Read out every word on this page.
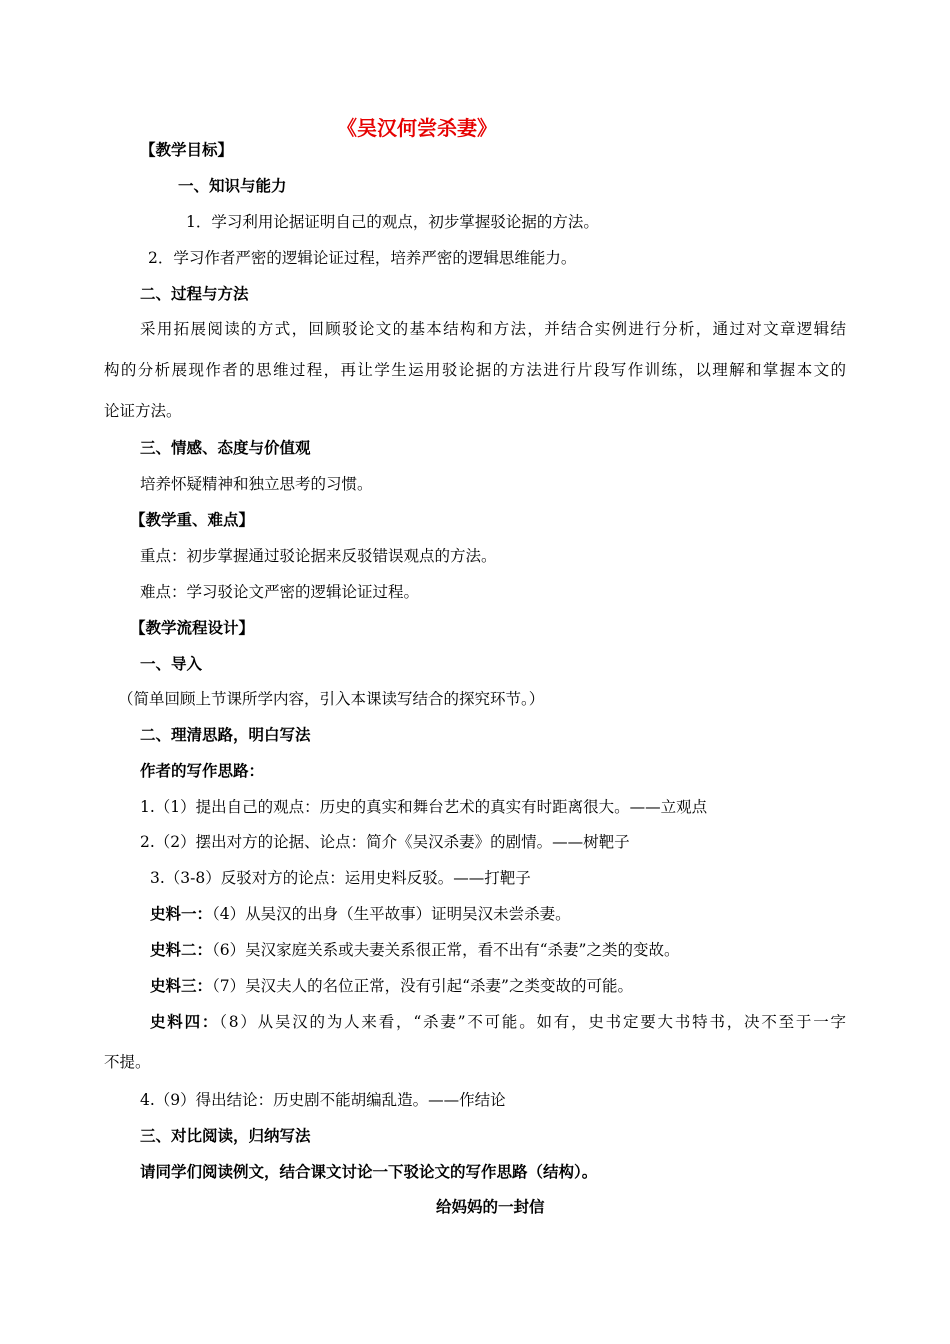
《吴汉何尝杀妻》
【教学目标】
一、知识与能力
1．学习利用论据证明自己的观点，初步掌握驳论据的方法。
2．学习作者严密的逻辑论证过程，培养严密的逻辑思维能力。
二、过程与方法
采用拓展阅读的方式，回顾驳论文的基本结构和方法，并结合实例进行分析，通过对文章逻辑结
构的分析展现作者的思维过程，再让学生运用驳论据的方法进行片段写作训练，以理解和掌握本文的
论证方法。
三、情感、态度与价值观
培养怀疑精神和独立思考的习惯。
【教学重、难点】
重点：初步掌握通过驳论据来反驳错误观点的方法。
难点：学习驳论文严密的逻辑论证过程。
【教学流程设计】
一、导入
（简单回顾上节课所学内容，引入本课读写结合的探究环节。）
二、理清思路，明白写法
作者的写作思路：
1.（1）提出自己的观点：历史的真实和舞台艺术的真实有时距离很大。——立观点
2.（2）摆出对方的论据、论点：简介《吴汉杀妻》的剧情。——树靶子
3.（3-8）反驳对方的论点：运用史料反驳。——打靶子
史料一：（4）从吴汉的出身（生平故事）证明吴汉未尝杀妻。
史料二：（6）吴汉家庭关系或夫妻关系很正常，看不出有“杀妻”之类的变故。
史料三：（7）吴汉夫人的名位正常，没有引起“杀妻”之类变故的可能。
史料四：（8）从吴汉的为人来看，“杀妻”不可能。如有，史书定要大书特书，决不至于一字
不提。
4.（9）得出结论：历史剧不能胡编乱造。——作结论
三、对比阅读，归纳写法
请同学们阅读例文，结合课文讨论一下驳论文的写作思路（结构）。
给妈妈的一封信
